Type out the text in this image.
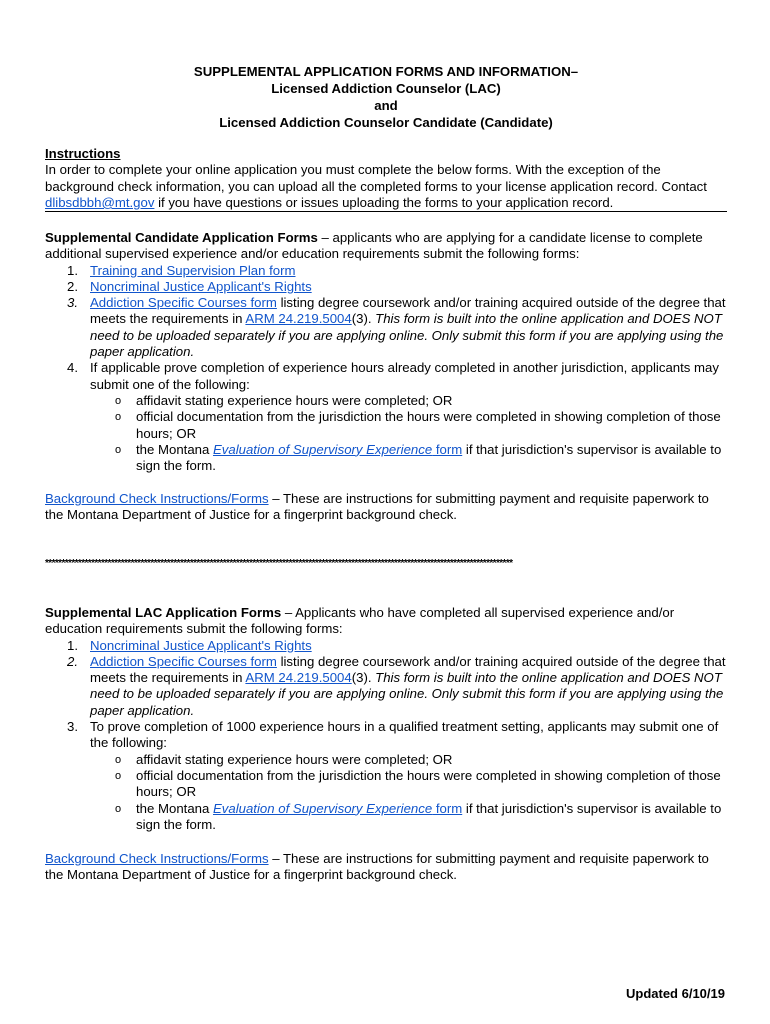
SUPPLEMENTAL APPLICATION FORMS AND INFORMATION–
Licensed Addiction Counselor (LAC)
and
Licensed Addiction Counselor Candidate (Candidate)
Instructions
In order to complete your online application you must complete the below forms. With the exception of the background check information, you can upload all the completed forms to your license application record. Contact dlibsdbbh@mt.gov if you have questions or issues uploading the forms to your application record.
Supplemental Candidate Application Forms – applicants who are applying for a candidate license to complete additional supervised experience and/or education requirements submit the following forms:
1. Training and Supervision Plan form
2. Noncriminal Justice Applicant's Rights
3. Addiction Specific Courses form listing degree coursework and/or training acquired outside of the degree that meets the requirements in ARM 24.219.5004(3). This form is built into the online application and DOES NOT need to be uploaded separately if you are applying online. Only submit this form if you are applying using the paper application.
4. If applicable prove completion of experience hours already completed in another jurisdiction, applicants may submit one of the following:
o affidavit stating experience hours were completed; OR
o official documentation from the jurisdiction the hours were completed in showing completion of those hours; OR
o the Montana Evaluation of Supervisory Experience form if that jurisdiction's supervisor is available to sign the form.
Background Check Instructions/Forms – These are instructions for submitting payment and requisite paperwork to the Montana Department of Justice for a fingerprint background check.
**********************************************************************************************************************************************
Supplemental LAC Application Forms – Applicants who have completed all supervised experience and/or education requirements submit the following forms:
1. Noncriminal Justice Applicant's Rights
2. Addiction Specific Courses form listing degree coursework and/or training acquired outside of the degree that meets the requirements in ARM 24.219.5004(3). This form is built into the online application and DOES NOT need to be uploaded separately if you are applying online. Only submit this form if you are applying using the paper application.
3. To prove completion of 1000 experience hours in a qualified treatment setting, applicants may submit one of the following:
o affidavit stating experience hours were completed; OR
o official documentation from the jurisdiction the hours were completed in showing completion of those hours; OR
o the Montana Evaluation of Supervisory Experience form if that jurisdiction's supervisor is available to sign the form.
Background Check Instructions/Forms – These are instructions for submitting payment and requisite paperwork to the Montana Department of Justice for a fingerprint background check.
Updated 6/10/19
